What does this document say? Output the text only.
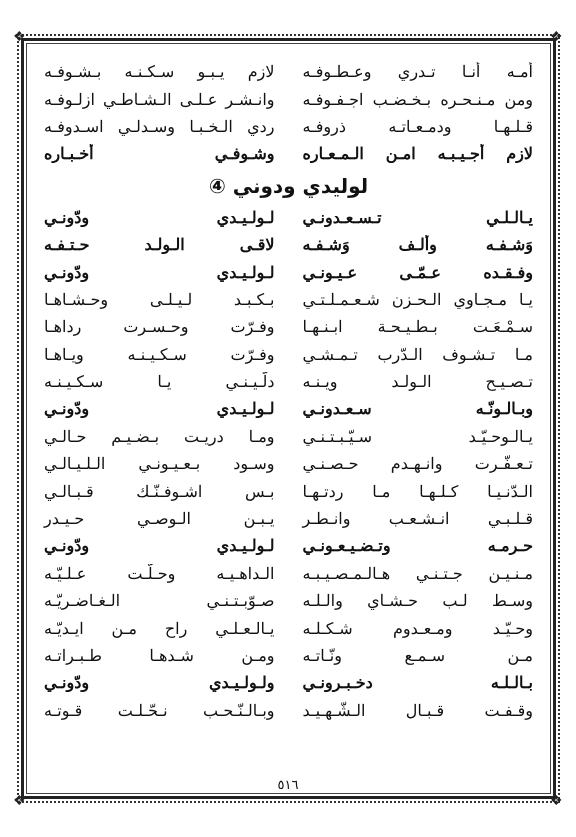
❖	❖
❖	❖
أمـه أنـا تـدري وعـطـوفـه
لازم يـبـو سـكـنـه بـشـوفـه
ومن مـنـحـره بـخـضـب اجـفـوفـه
وانـشـر عـلـى الـشـاطـي ازلـوفـه
قـلـهـا ودمـعـاتـه ذروفـه
ردي الـخـبـا وسـدلـي اسـدوفـه
لازم أجـيـبـه امـن الـمـعـاره
وشـوفـي أخـبـاره
لوليدي ودوني ④
يـالـلـي تـسـعـدونـي
لـولـيـدي ودّونـي
وَشـفـه وألـف وَشـفـه
لاقـى الـولـد حـتـفـه
وفـقـده عـمّـى عـيـونـي
لـولـيـدي ودّونـي
يـا مـجـاوي الـحـزن شـعـمـلـتـي
بـكـبـد لـيـلـى وحـشـاهـا
سـمْـعَـت بـطـيـحـة ابـنـهـا
وفـرّت وحـسـرت رداهـا
مـا تـشـوف الـدّرب تـمـشـي
وفـرّت سـكـيـنـه ويـاهـا
تـصـيـح الـولـد ويـنـه
دلّـيـنـي يـا سـكـيـنـه
وبـالـونّـه سـعـدونـي
لـولـيـدي ودّونـي
يـالـوحـيّـد سـيّـبـتـنـي
ومـا دريـت بـضـيـم حـالـي
تـعـفّـرت وانـهـدم حـصـنـي
وسـود بـعـيـونـي الـلـيـالـي
الـدّنـيـا كـلـهـا مـا ردتـهـا
بـس اشـوفـنّـك قـبـالـي
قـلـبـي انـشـعـب وانـطـر
يـبـن الـوصـي حـيـدر
حـرمـه وتـضـيـعـونـي
لـولـيـدي ودّونـي
مـنـيـن جـتـنـي هـالـمـصـيـبـه
الـداهـيـه وحـلّـت عـلـيّـه
وسـط لـب حـشـاي والـلـه
صـوّبـتـنـي الـغـاضـريّـه
وحـيّـد ومـعـدوم شـكـلـه
يـالـعـلـي راح مـن ايـديّـه
مـن سـمـع ونّـاتـه
ومـن شـدهـا طـبـراتـه
بـالـلـه دخـبـرونـي
ولـولـيـدي ودّونـي
وقـفـت قـبـال الـشّـهـيـد
وبـالـنّـحـب نـحّـلـت قـوتـه
٥١٦
